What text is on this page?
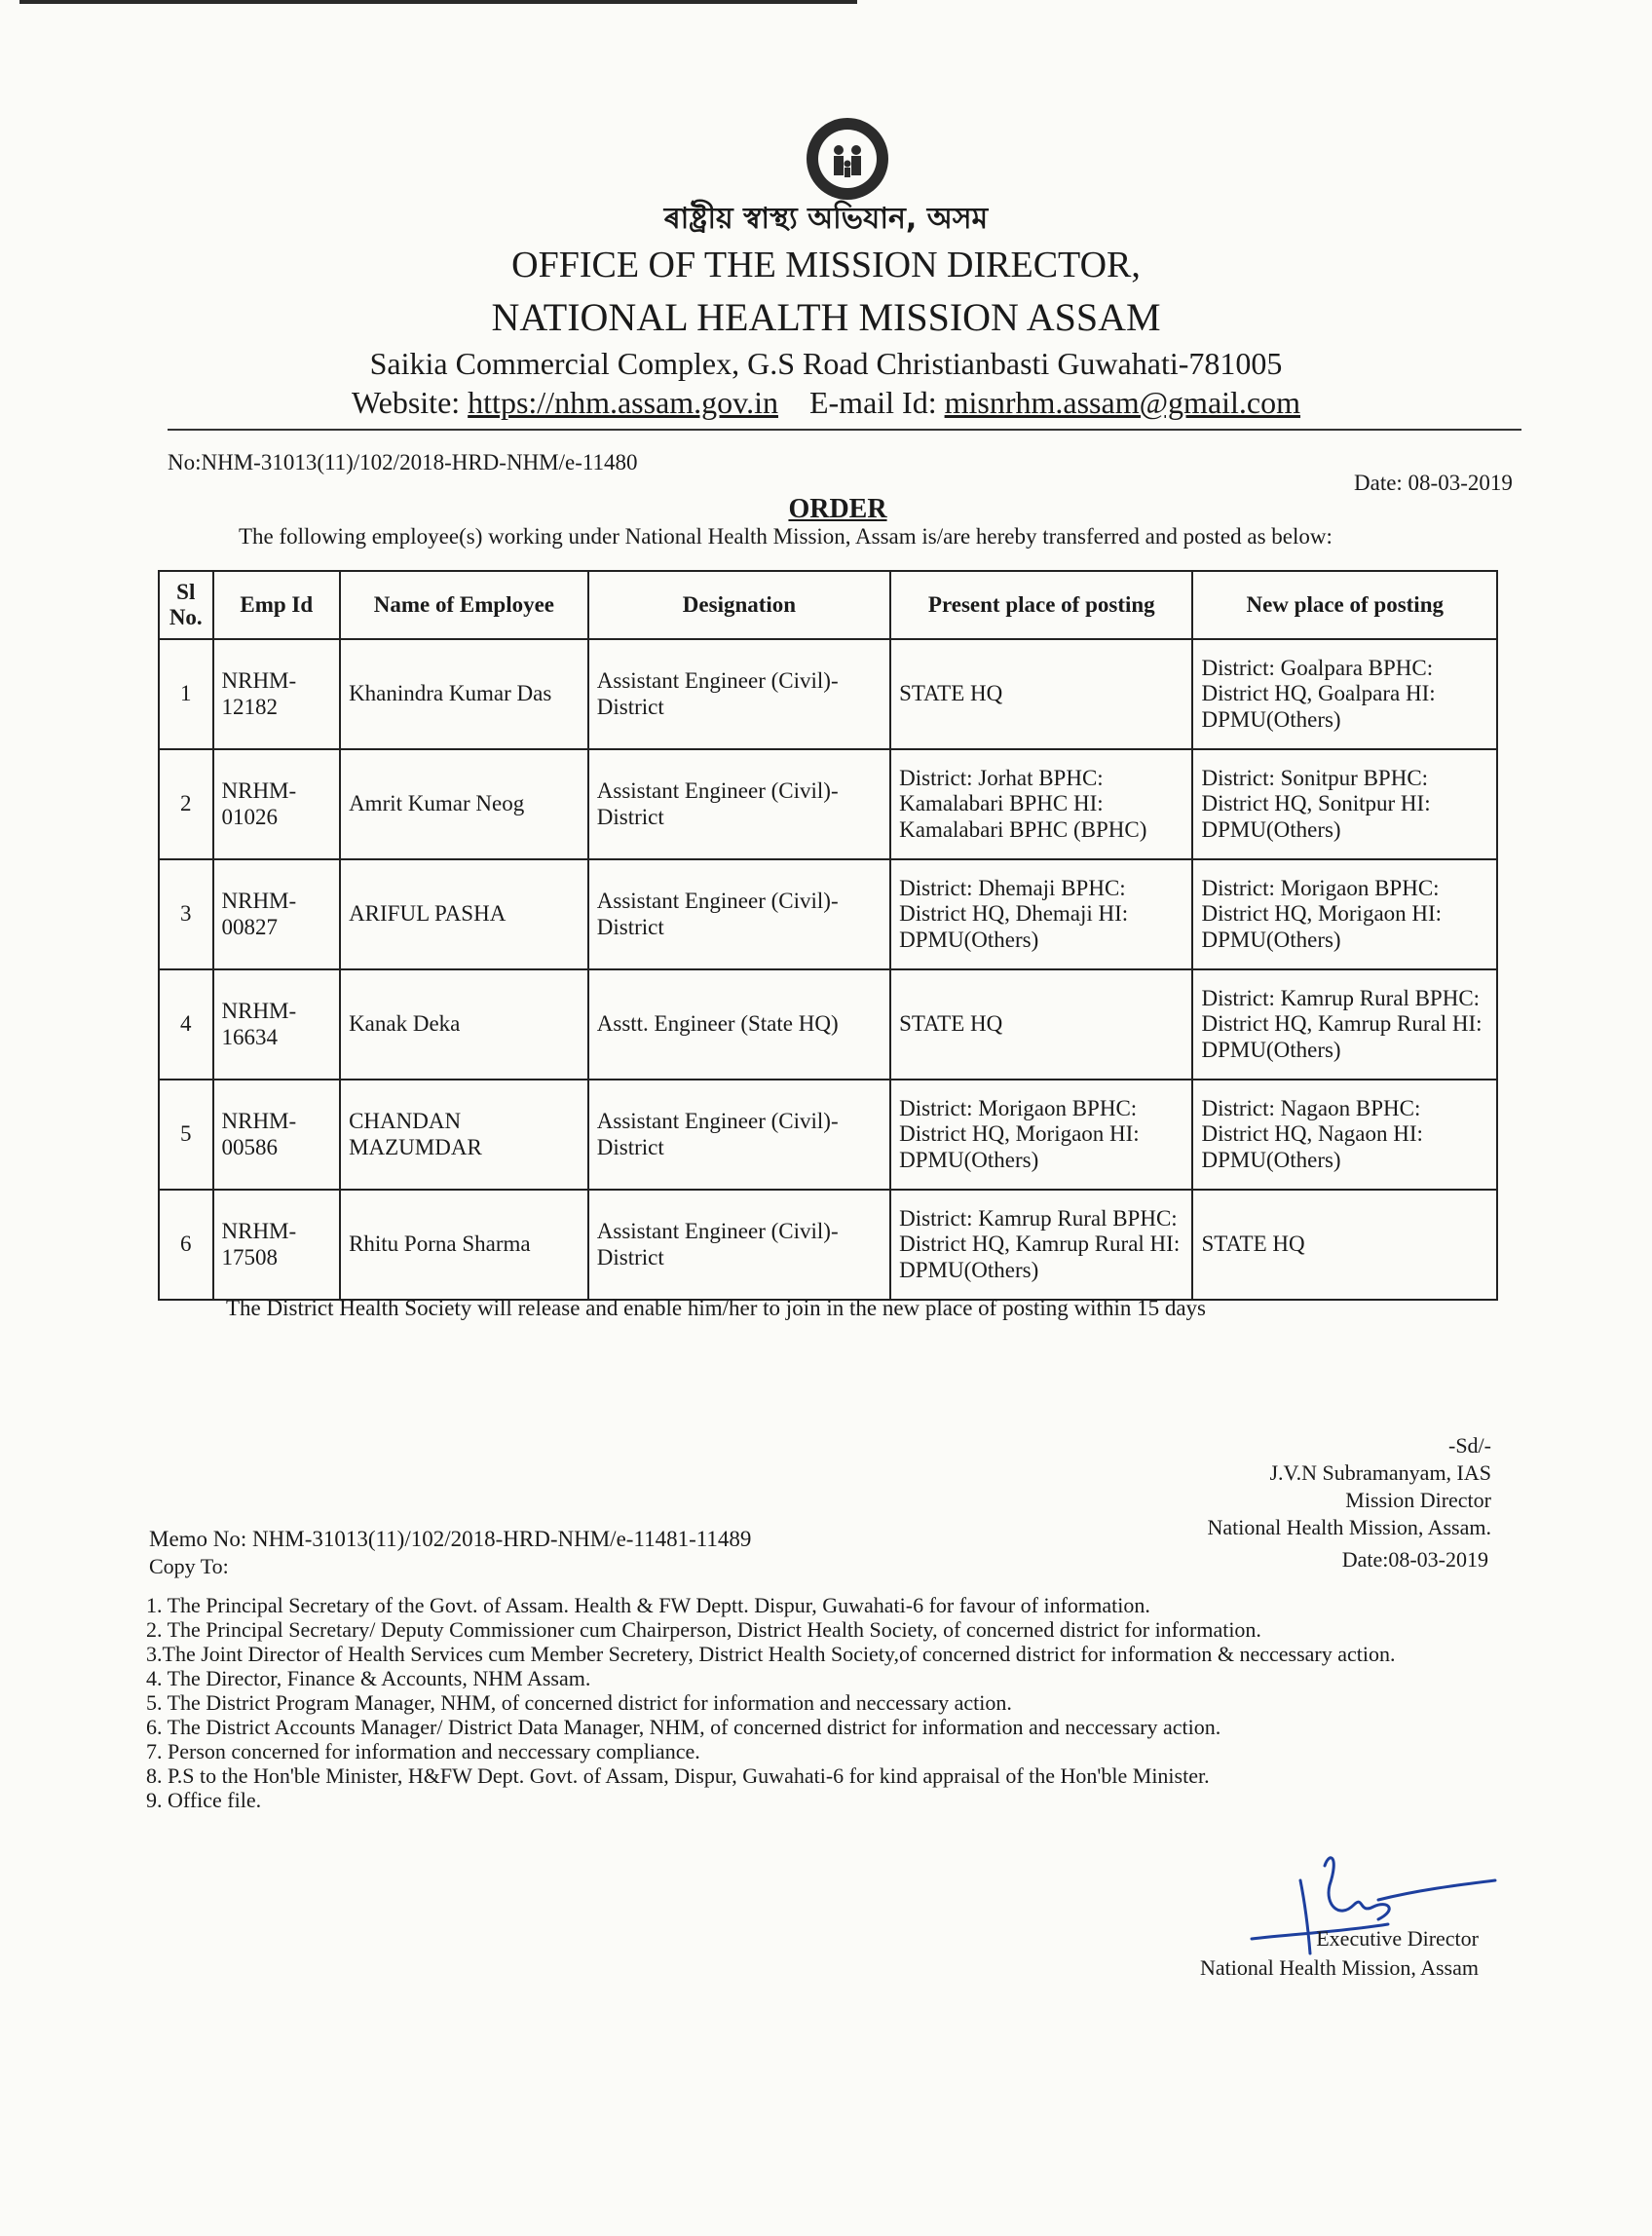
ৰাষ্ট্ৰীয় স্বাস্থ্য অভিযান, অসম
OFFICE OF THE MISSION DIRECTOR,
NATIONAL HEALTH MISSION ASSAM
Saikia Commercial Complex, G.S Road Christianbasti Guwahati-781005
Website: https://nhm.assam.gov.in E-mail Id: misnrhm.assam@gmail.com
No:NHM-31013(11)/102/2018-HRD-NHM/e-11480
Date: 08-03-2019
ORDER
The following employee(s) working under National Health Mission, Assam is/are hereby transferred and posted as below:
Sl No.	Emp Id	Name of Employee	Designation	Present place of posting	New place of posting
1	NRHM-12182	Khanindra Kumar Das	Assistant Engineer (Civil)-District	STATE HQ	District: Goalpara BPHC: District HQ, Goalpara HI: DPMU(Others)
2	NRHM-01026	Amrit Kumar Neog	Assistant Engineer (Civil)-District	District: Jorhat BPHC: Kamalabari BPHC HI: Kamalabari BPHC (BPHC)	District: Sonitpur BPHC: District HQ, Sonitpur HI: DPMU(Others)
3	NRHM-00827	ARIFUL PASHA	Assistant Engineer (Civil)-District	District: Dhemaji BPHC: District HQ, Dhemaji HI: DPMU(Others)	District: Morigaon BPHC: District HQ, Morigaon HI: DPMU(Others)
4	NRHM-16634	Kanak Deka	Asstt. Engineer (State HQ)	STATE HQ	District: Kamrup Rural BPHC: District HQ, Kamrup Rural HI: DPMU(Others)
5	NRHM-00586	CHANDAN MAZUMDAR	Assistant Engineer (Civil)-District	District: Morigaon BPHC: District HQ, Morigaon HI: DPMU(Others)	District: Nagaon BPHC: District HQ, Nagaon HI: DPMU(Others)
6	NRHM-17508	Rhitu Porna Sharma	Assistant Engineer (Civil)-District	District: Kamrup Rural BPHC: District HQ, Kamrup Rural HI: DPMU(Others)	STATE HQ
The District Health Society will release and enable him/her to join in the new place of posting within 15 days
-Sd/-
J.V.N Subramanyam, IAS
Mission Director
National Health Mission, Assam.
Memo No: NHM-31013(11)/102/2018-HRD-NHM/e-11481-11489
Copy To:	Date:08-03-2019
1. The Principal Secretary of the Govt. of Assam. Health & FW Deptt. Dispur, Guwahati-6 for favour of information.
2. The Principal Secretary/ Deputy Commissioner cum Chairperson, District Health Society, of concerned district for information.
3.The Joint Director of Health Services cum Member Secretery, District Health Society,of concerned district for information & neccessary action.
4. The Director, Finance & Accounts, NHM Assam.
5. The District Program Manager, NHM, of concerned district for information and neccessary action.
6. The District Accounts Manager/ District Data Manager, NHM, of concerned district for information and neccessary action.
7. Person concerned for information and neccessary compliance.
8. P.S to the Hon'ble Minister, H&FW Dept. Govt. of Assam, Dispur, Guwahati-6 for kind appraisal of the Hon'ble Minister.
9. Office file.
Executive Director
National Health Mission, Assam
